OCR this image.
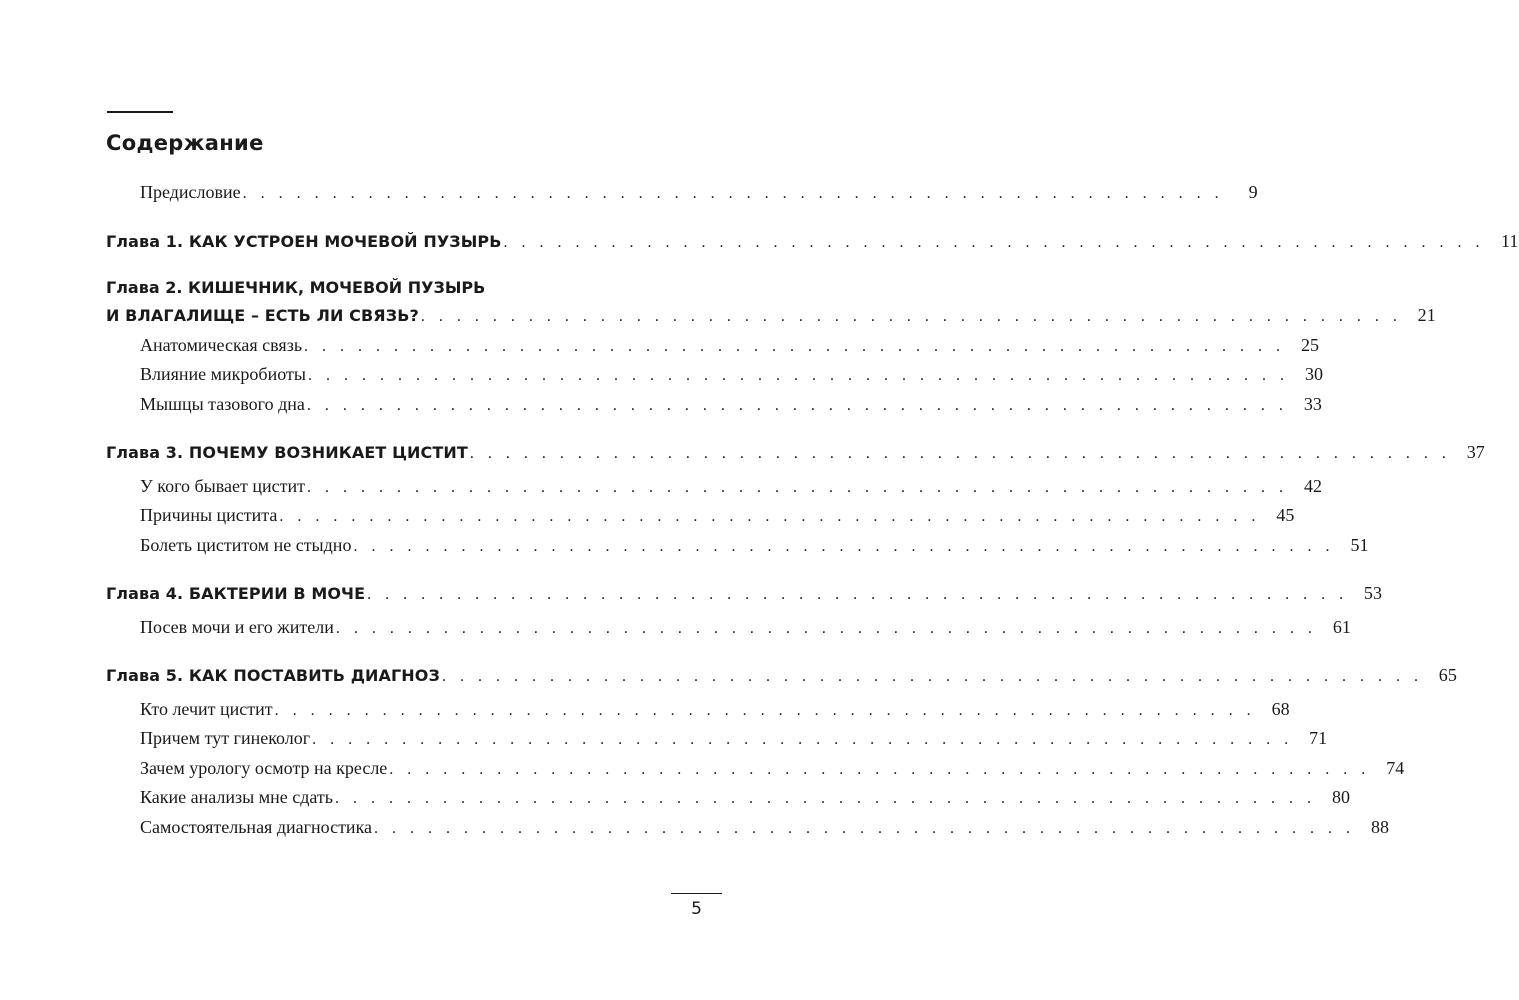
Содержание
Предисловие . . . . . . . . . . . . . . . . . . . . . . . . . . . . . . . . . . . . . . . . . . . . . . . . . . . . . . .	9
Глава 1. КАК УСТРОЕН МОЧЕВОЙ ПУЗЫРЬ . . . . . . . . . . . . . . . . . . . . . . . . . . . . . . . . . . . . . . . . . . . . . . . . . . . . . . . 11
Глава 2. КИШЕЧНИК, МОЧЕВОЙ ПУЗЫРЬ
И ВЛАГАЛИЩЕ – ЕСТЬ ЛИ СВЯЗЬ? . . . . . . . . . . . . . . . . . . . . . . . . . . . . . . . . . . . . . . . . . . . . . . . . . . . . . . . 21
Анатомическая связь . . . . . . . . . . . . . . . . . . . . . . . . . . . . . . . . . . . . . . . . . . . . . . . . . . . . . . . 25
Влияние микробиоты . . . . . . . . . . . . . . . . . . . . . . . . . . . . . . . . . . . . . . . . . . . . . . . . . . . . . . . 30
Мышцы тазового дна . . . . . . . . . . . . . . . . . . . . . . . . . . . . . . . . . . . . . . . . . . . . . . . . . . . . . . . 33
Глава 3. ПОЧЕМУ ВОЗНИКАЕТ ЦИСТИТ . . . . . . . . . . . . . . . . . . . . . . . . . . . . . . . . . . . . . . . . . . . . . . . . . . . . . . . 37
У кого бывает цистит . . . . . . . . . . . . . . . . . . . . . . . . . . . . . . . . . . . . . . . . . . . . . . . . . . . . . . . 42
Причины цистита . . . . . . . . . . . . . . . . . . . . . . . . . . . . . . . . . . . . . . . . . . . . . . . . . . . . . . . 45
Болеть циститом не стыдно . . . . . . . . . . . . . . . . . . . . . . . . . . . . . . . . . . . . . . . . . . . . . . . . . . . . . . . 51
Глава 4. БАКТЕРИИ В МОЧЕ . . . . . . . . . . . . . . . . . . . . . . . . . . . . . . . . . . . . . . . . . . . . . . . . . . . . . . . 53
Посев мочи и его жители . . . . . . . . . . . . . . . . . . . . . . . . . . . . . . . . . . . . . . . . . . . . . . . . . . . . . . . 61
Глава 5. КАК ПОСТАВИТЬ ДИАГНОЗ . . . . . . . . . . . . . . . . . . . . . . . . . . . . . . . . . . . . . . . . . . . . . . . . . . . . . . . 65
Кто лечит цистит . . . . . . . . . . . . . . . . . . . . . . . . . . . . . . . . . . . . . . . . . . . . . . . . . . . . . . . 68
Причем тут гинеколог . . . . . . . . . . . . . . . . . . . . . . . . . . . . . . . . . . . . . . . . . . . . . . . . . . . . . . . 71
Зачем урологу осмотр на кресле . . . . . . . . . . . . . . . . . . . . . . . . . . . . . . . . . . . . . . . . . . . . . . . . . . . . . . . 74
Какие анализы мне сдать . . . . . . . . . . . . . . . . . . . . . . . . . . . . . . . . . . . . . . . . . . . . . . . . . . . . . . . 80
Самостоятельная диагностика . . . . . . . . . . . . . . . . . . . . . . . . . . . . . . . . . . . . . . . . . . . . . . . . . . . . . . . 88
5
